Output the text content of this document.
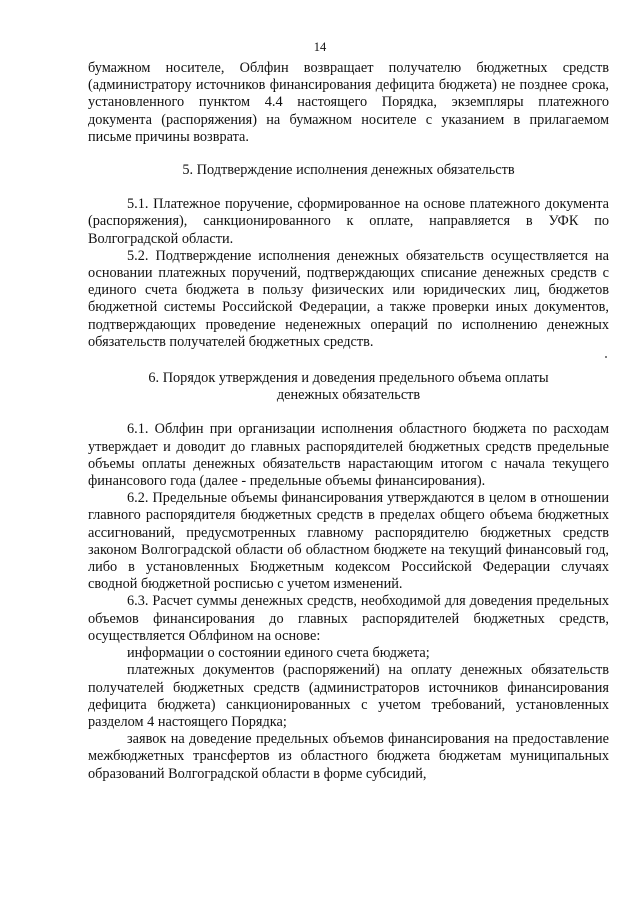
14

бумажном носителе, Облфин возвращает получателю бюджетных средств (администратору источников финансирования дефицита бюджета) не позднее срока, установленного пунктом 4.4 настоящего Порядка, экземпляры платежного документа (распоряжения) на бумажном носителе с указанием в прилагаемом письме причины возврата.

5. Подтверждение исполнения денежных обязательств

5.1. Платежное поручение, сформированное на основе платежного документа (распоряжения), санкционированного к оплате, направляется в УФК по Волгоградской области.

5.2. Подтверждение исполнения денежных обязательств осуществляется на основании платежных поручений, подтверждающих списание денежных средств с единого счета бюджета в пользу физических или юридических лиц, бюджетов бюджетной системы Российской Федерации, а также проверки иных документов, подтверждающих проведение неденежных операций по исполнению денежных обязательств получателей бюджетных средств.

6. Порядок утверждения и доведения предельного объема оплаты
денежных обязательств

6.1. Облфин при организации исполнения областного бюджета по расходам утверждает и доводит до главных распорядителей бюджетных средств предельные объемы оплаты денежных обязательств нарастающим итогом с начала текущего финансового года (далее - предельные объемы финансирования).

6.2. Предельные объемы финансирования утверждаются в целом в отношении главного распорядителя бюджетных средств в пределах общего объема бюджетных ассигнований, предусмотренных главному распорядителю бюджетных средств законом Волгоградской области об областном бюджете на текущий финансовый год, либо в установленных Бюджетным кодексом Российской Федерации случаях сводной бюджетной росписью с учетом изменений.

6.3. Расчет суммы денежных средств, необходимой для доведения предельных объемов финансирования до главных распорядителей бюджетных средств, осуществляется Облфином на основе:

информации о состоянии единого счета бюджета;

платежных документов (распоряжений) на оплату денежных обязательств получателей бюджетных средств (администраторов источников финансирования дефицита бюджета) санкционированных с учетом требований, установленных разделом 4 настоящего Порядка;

заявок на доведение предельных объемов финансирования на предоставление межбюджетных трансфертов из областного бюджета бюджетам муниципальных образований Волгоградской области в форме субсидий,
